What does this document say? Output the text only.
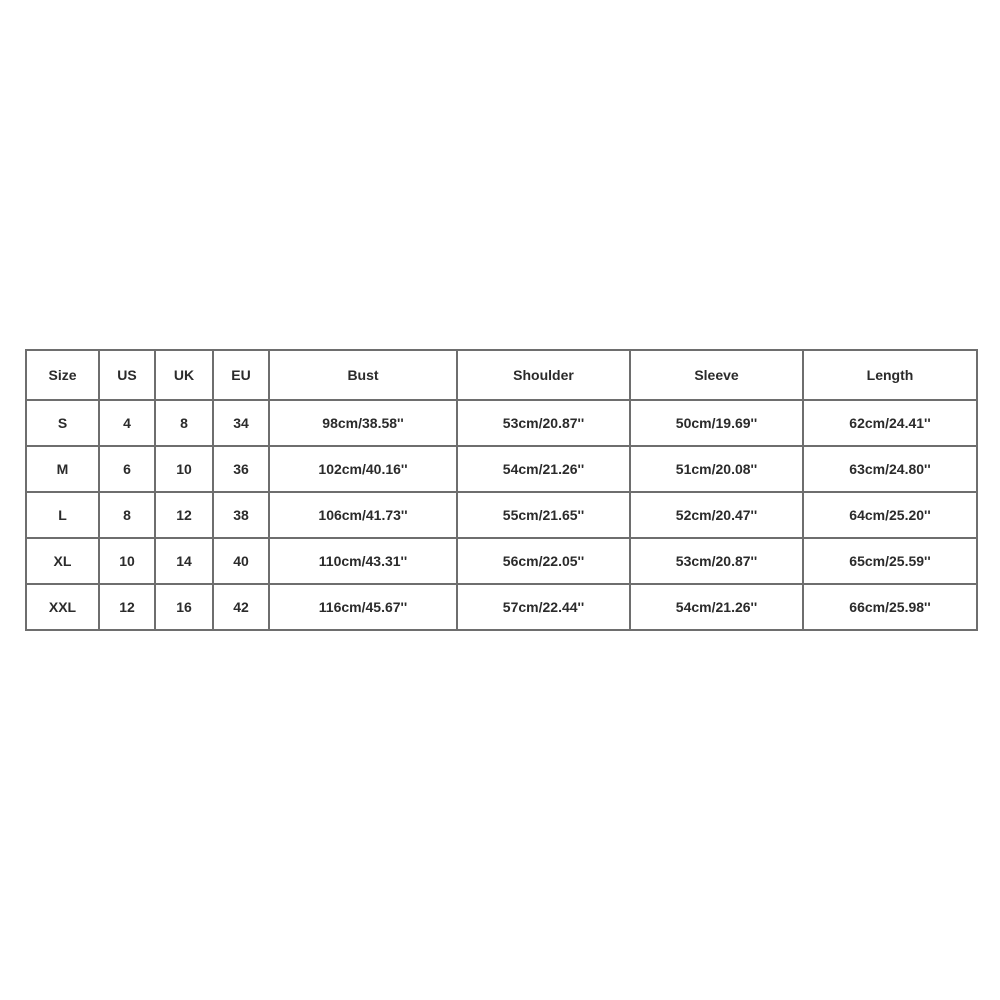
Size	US	UK	EU	Bust	Shoulder	Sleeve	Length
S	4	8	34	98cm/38.58''	53cm/20.87''	50cm/19.69''	62cm/24.41''
M	6	10	36	102cm/40.16''	54cm/21.26''	51cm/20.08''	63cm/24.80''
L	8	12	38	106cm/41.73''	55cm/21.65''	52cm/20.47''	64cm/25.20''
XL	10	14	40	110cm/43.31''	56cm/22.05''	53cm/20.87''	65cm/25.59''
XXL	12	16	42	116cm/45.67''	57cm/22.44''	54cm/21.26''	66cm/25.98''
